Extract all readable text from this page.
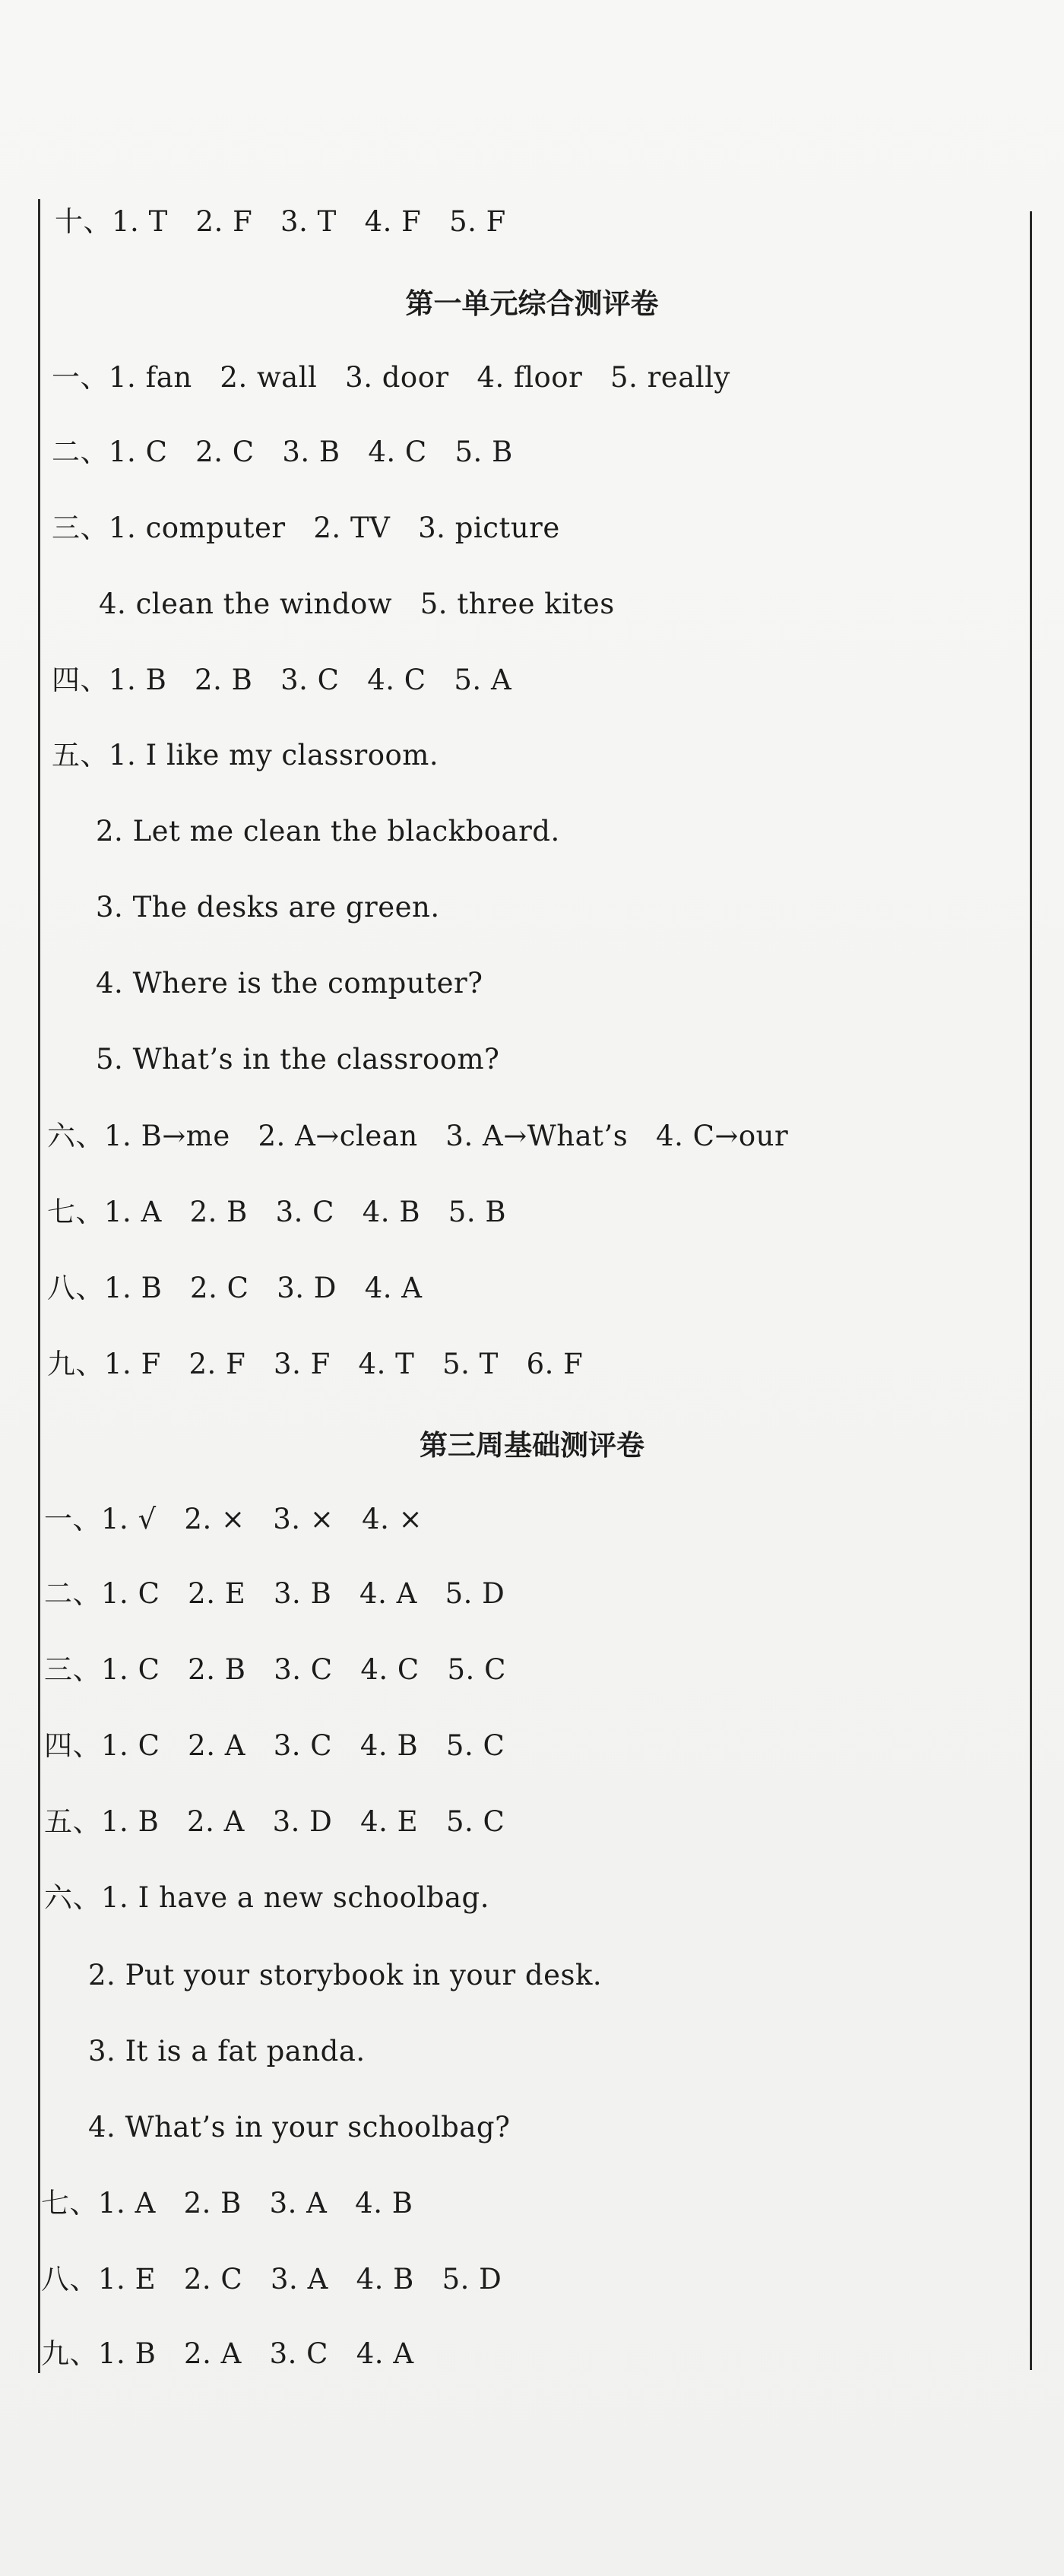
十、1. T   2. F   3. T   4. F   5. F
第一单元综合测评卷
一、1. fan   2. wall   3. door   4. floor   5. really
二、1. C   2. C   3. B   4. C   5. B
三、1. computer   2. TV   3. picture
4. clean the window   5. three kites
四、1. B   2. B   3. C   4. C   5. A
五、1. I like my classroom.
2. Let me clean the blackboard.
3. The desks are green.
4. Where is the computer?
5. What’s in the classroom?
六、1. B→me   2. A→clean   3. A→What’s   4. C→our
七、1. A   2. B   3. C   4. B   5. B
八、1. B   2. C   3. D   4. A
九、1. F   2. F   3. F   4. T   5. T   6. F
第三周基础测评卷
一、1. √   2. ×   3. ×   4. ×
二、1. C   2. E   3. B   4. A   5. D
三、1. C   2. B   3. C   4. C   5. C
四、1. C   2. A   3. C   4. B   5. C
五、1. B   2. A   3. D   4. E   5. C
六、1. I have a new schoolbag.
2. Put your storybook in your desk.
3. It is a fat panda.
4. What’s in your schoolbag?
七、1. A   2. B   3. A   4. B
八、1. E   2. C   3. A   4. B   5. D
九、1. B   2. A   3. C   4. A
